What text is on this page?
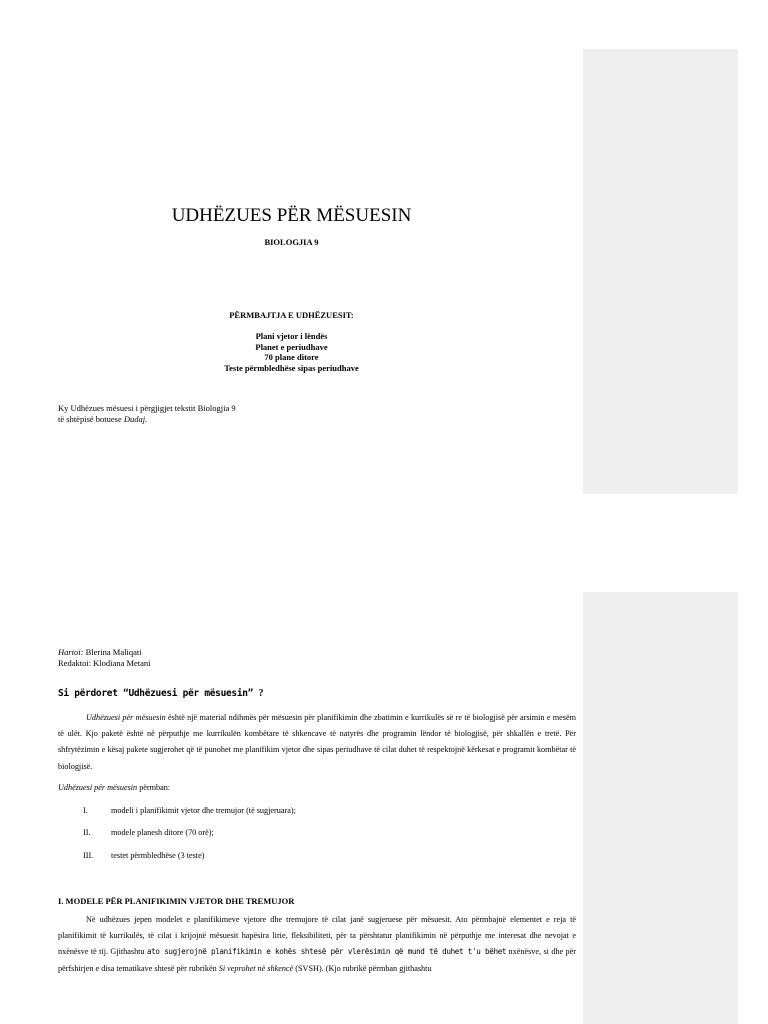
UDHËZUES PËR MËSUESIN
BIOLOGJIA 9
PËRMBAJTJA E UDHËZUESIT:
Plani vjetor i lëndës
Planet e periudhave
70 plane ditore
Teste përmbledhëse sipas periudhave
Ky Udhëzues mësuesi i përgjigjet tekstit Biologjia 9
të shtëpisë botuese Dudaj.
Hartoi: Blerina Maliqati
Redaktoi: Klodiana Metani
Si përdoret “Udhëzuesi për mësuesin” ?
Udhëzuesi për mësuesin është një material ndihmës për mësuesin për planifikimin dhe zbatimin e kurrikulës së re të biologjisë për arsimin e mesëm të ulët. Kjo paketë është në përputhje me kurrikulën kombëtare të shkencave të natyrës dhe programin lëndor të biologjisë, për shkallën e tretë. Për shfrytëzimin e kësaj pakete sugjerohet që të punohet me planifikim vjetor dhe sipas periudhave të cilat duhet të respektojnë kërkesat e programit kombëtar të biologjisë.
Udhëzuesi për mësuesin përmban:
I.	modeli i planifikimit vjetor dhe tremujor (të sugjeruara);
II.	modele planesh ditore (70 orë);
III. testet përmbledhëse (3 teste)
I. MODELE PËR PLANIFIKIMIN VJETOR DHE TREMUJOR
Në udhëzues jepen modelet e planifikimeve vjetore dhe tremujore të cilat janë sugjeruese për mësuesit. Ato përmbajnë elementet e reja të planifikimit të kurrikulës, të cilat i krijojnë mësuesit hapësira lirie, fleksibiliteti, për ta përshtatur planifikimin në përputhje me interesat dhe nevojat e nxënësve të tij. Gjithashtu ato sugjerojnë planifikimin e kohës shtesë për vlerësimin që mund të duhet t'u bëhet nxënësve, si dhe për përfshirjen e disa tematikave shtesë për rubrikën Si veprohet në shkencë (SVSH). (Kjo rubrikë përmban gjithashtu
